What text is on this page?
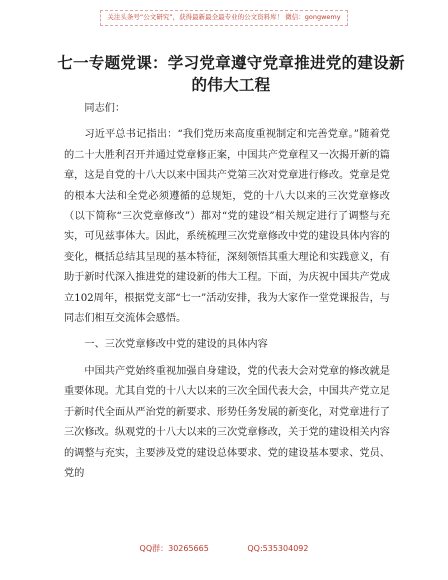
关注头条号“公文研究”，获得最新最全最专业的公文资料库！ 微信：gongwemy
七一专题党课：学习党章遵守党章推进党的建设新的伟大工程

同志们：

习近平总书记指出：“我们党历来高度重视制定和完善党章。”随着党的二十大胜利召开并通过党章修正案，中国共产党章程又一次揭开新的篇章，这是自党的十八大以来中国共产党第三次对党章进行修改。党章是党的根本大法和全党必须遵循的总规矩，党的十八大以来的三次党章修改（以下简称“三次党章修改”）都对“党的建设”相关规定进行了调整与充实，可见兹事体大。因此，系统梳理三次党章修改中党的建设具体内容的变化，概括总结其呈现的基本特征，深刻领悟其重大理论和实践意义，有助于新时代深入推进党的建设新的伟大工程。下面，为庆祝中国共产党成立102周年，根据党支部“七一”活动安排，我为大家作一堂党课报告，与同志们相互交流体会感悟。

一、三次党章修改中党的建设的具体内容

中国共产党始终重视加强自身建设，党的代表大会对党章的修改就是重要体现。尤其自党的十八大以来的三次全国代表大会，中国共产党立足于新时代全面从严治党的新要求、形势任务发展的新变化，对党章进行了三次修改。纵观党的十八大以来的三次党章修改，关于党的建设相关内容的调整与充实，主要涉及党的建设总体要求、党的建设基本要求、党员、党的

QQ群：30265665	QQ:535304092
